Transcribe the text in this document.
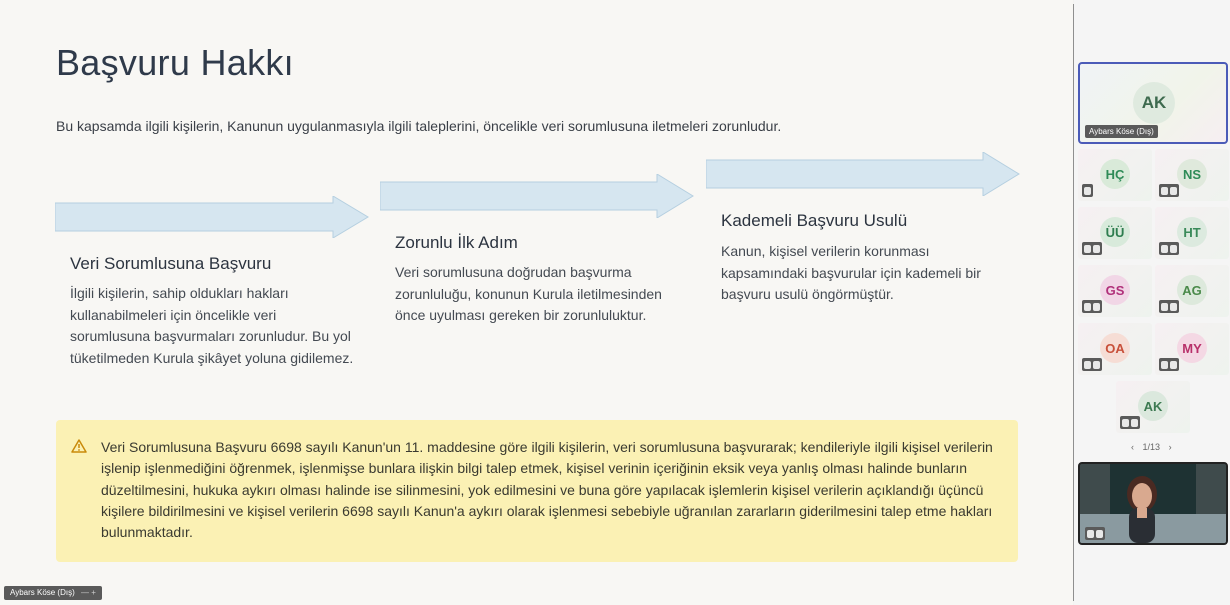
Başvuru Hakkı
Bu kapsamda ilgili kişilerin, Kanunun uygulanmasıyla ilgili taleplerini, öncelikle veri sorumlusuna iletmeleri zorunludur.
Veri Sorumlusuna Başvuru
İlgili kişilerin, sahip oldukları hakları kullanabilmeleri için öncelikle veri sorumlusuna başvurmaları zorunludur. Bu yol tüketilmeden Kurula şikâyet yoluna gidilemez.
Zorunlu İlk Adım
Veri sorumlusuna doğrudan başvurma zorunluluğu, konunun Kurula iletilmesinden önce uyulması gereken bir zorunluluktur.
Kademeli Başvuru Usulü
Kanun, kişisel verilerin korunması kapsamındaki başvurular için kademeli bir başvuru usulü öngörmüştür.
Veri Sorumlusuna Başvuru 6698 sayılı Kanun'un 11. maddesine göre ilgili kişilerin, veri sorumlusuna başvurarak; kendileriyle ilgili kişisel verilerin işlenip işlenmediğini öğrenmek, işlenmişse bunlara ilişkin bilgi talep etmek, kişisel verinin içeriğinin eksik veya yanlış olması halinde bunların düzeltilmesini, hukuka aykırı olması halinde ise silinmesini, yok edilmesini ve buna göre yapılacak işlemlerin kişisel verilerin açıklandığı üçüncü kişilere bildirilmesini ve kişisel verilerin 6698 sayılı Kanun'a aykırı olarak işlenmesi sebebiyle uğranılan zararların giderilmesini talep etme hakları bulunmaktadır.
AK
Aybars Köse (Dış)
HÇ	NS
ÜÜ	HT
GS	AG
OA	MY
AK
‹ 1/13 ›
Aybars Köse (Dış) — +
